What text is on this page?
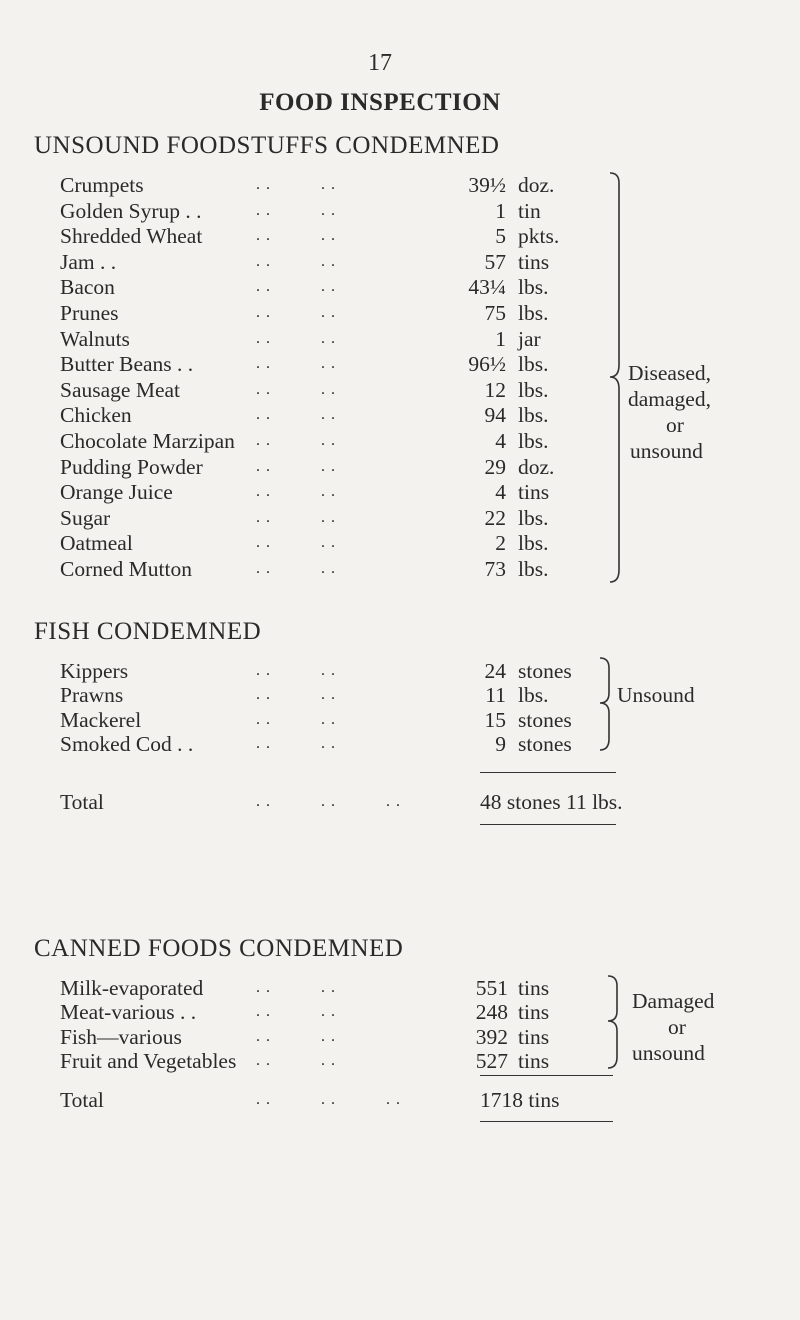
17
FOOD INSPECTION
UNSOUND FOODSTUFFS CONDEMNED
Crumpets	. .          . .	39½ doz.
Golden Syrup . .	. .          . .	1 tin
Shredded Wheat	. .          . .	5 pkts.
Jam . .	. .          . .	57 tins
Bacon	. .          . .	43¼ lbs.
Prunes	. .          . .	75 lbs.
Walnuts	. .          . .	1 jar
Butter Beans . .	. .          . .	96½ lbs.
Sausage Meat	. .          . .	12 lbs.
Chicken	. .          . .	94 lbs.
Chocolate Marzipan . .          . .	4 lbs.
Pudding Powder	. .          . .	29 doz.
Orange Juice	. .          . .	4 tins
Sugar	. .          . .	22 lbs.
Oatmeal	. .          . .	2 lbs.
Corned Mutton	. .          . .	73 lbs.
Diseased,
damaged,
or
unsound
FISH CONDEMNED
Kippers	. .          . .	24 stones
Prawns	. .          . .	11 lbs.
Mackerel	. .          . .	15 stones
Smoked Cod . .	. .          . .	9 stones
Unsound
Total	. .          . .          . .	48 stones 11 lbs.
CANNED FOODS CONDEMNED
Milk-evaporated	. .          . .	551 tins
Meat-various . .	. .          . .	248 tins
Fish—various	. .          . .	392 tins
Fruit and Vegetables . .          . .	527 tins
Damaged
or
unsound
Total	. .          . .          . .	1718 tins
